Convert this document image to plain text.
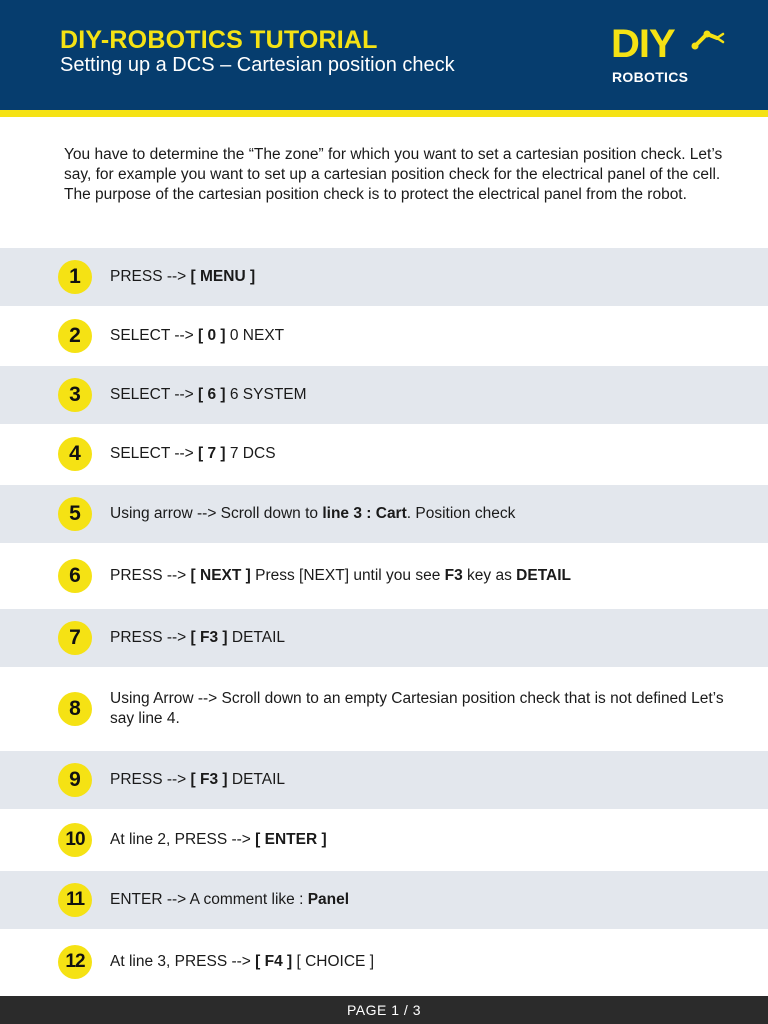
DIY-ROBOTICS TUTORIAL
Setting up a DCS – Cartesian position check	DIY
ROBOTICS
You have to determine the “The zone” for which you want to set a cartesian position check. Let’s say, for example you want to set up a cartesian position check for the electrical panel of the cell. The purpose of the cartesian position check is to protect the electrical panel from the robot.
1	PRESS --> [ MENU ]
2	SELECT --> [ 0 ] 0 NEXT
3	SELECT --> [ 6 ] 6 SYSTEM
4	SELECT --> [ 7 ] 7 DCS
5	Using arrow --> Scroll down to line 3 : Cart. Position check
6	PRESS --> [ NEXT ] Press [NEXT] until you see F3 key as DETAIL
7	PRESS --> [ F3 ] DETAIL
8	Using Arrow --> Scroll down to an empty Cartesian position check that is not defined Let’s say line 4.
9	PRESS --> [ F3 ] DETAIL
10	At line 2, PRESS --> [ ENTER ]
11	ENTER --> A comment like : Panel
12	At line 3, PRESS --> [ F4 ] [ CHOICE ]
PAGE 1 / 3
